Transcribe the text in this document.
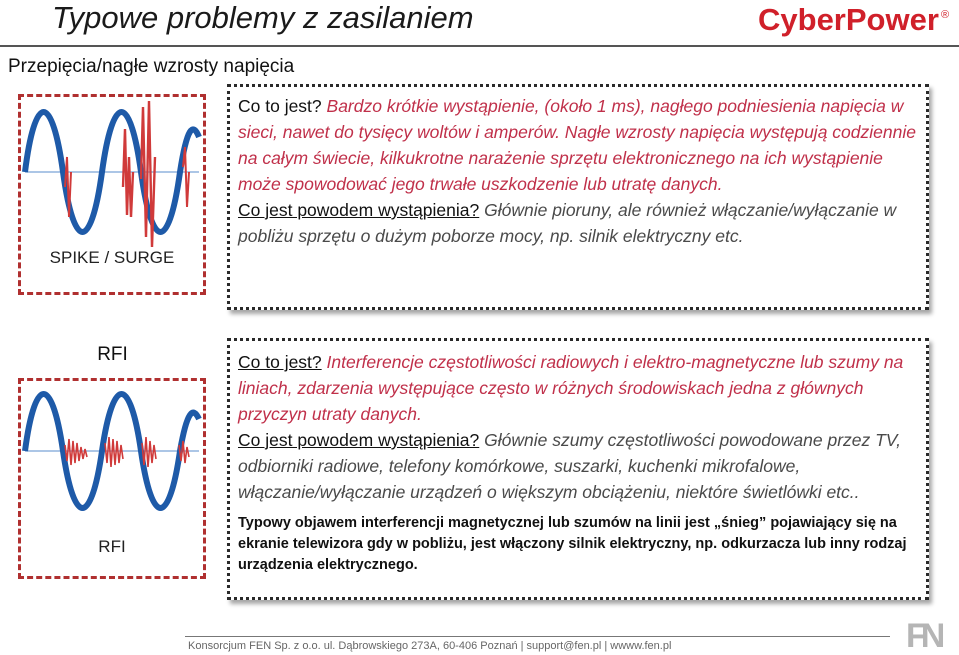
Typowe problemy z zasilaniem	CyberPower ®
Przepięcia/nagłe wzrosty napięcia
SPIKE / SURGE

Co to jest? Bardzo krótkie wystąpienie, (około 1 ms), nagłego podniesienia napięcia w sieci, nawet do tysięcy woltów i amperów. Nagłe wzrosty napięcia występują codziennie na całym świecie, kilkukrotne narażenie sprzętu elektronicznego na ich wystąpienie może spowodować jego trwałe uszkodzenie lub utratę danych.

Co jest powodem wystąpienia? Głównie pioruny, ale również włączanie/wyłączanie w pobliżu sprzętu o dużym poborze mocy, np. silnik elektryczny etc.

RFI
RFI

Co to jest? Interferencje częstotliwości radiowych i elektro-magnetyczne lub szumy na liniach, zdarzenia występujące często w różnych środowiskach jedna z głównych przyczyn utraty danych.

Co jest powodem wystąpienia? Głównie szumy częstotliwości powodowane przez TV, odbiorniki radiowe, telefony komórkowe, suszarki, kuchenki mikrofalowe, włączanie/wyłączanie urządzeń o większym obciążeniu, niektóre świetlówki etc..

Typowy objawem interferencji magnetycznej lub szumów na linii jest „śnieg” pojawiający się na ekranie telewizora gdy w pobliżu, jest włączony silnik elektryczny, np. odkurzacza lub inny rodzaj urządzenia elektrycznego.

Konsorcjum FEN Sp. z o.o. ul. Dąbrowskiego 273A, 60-406 Poznań | support@fen.pl | wwww.fen.pl	FN
